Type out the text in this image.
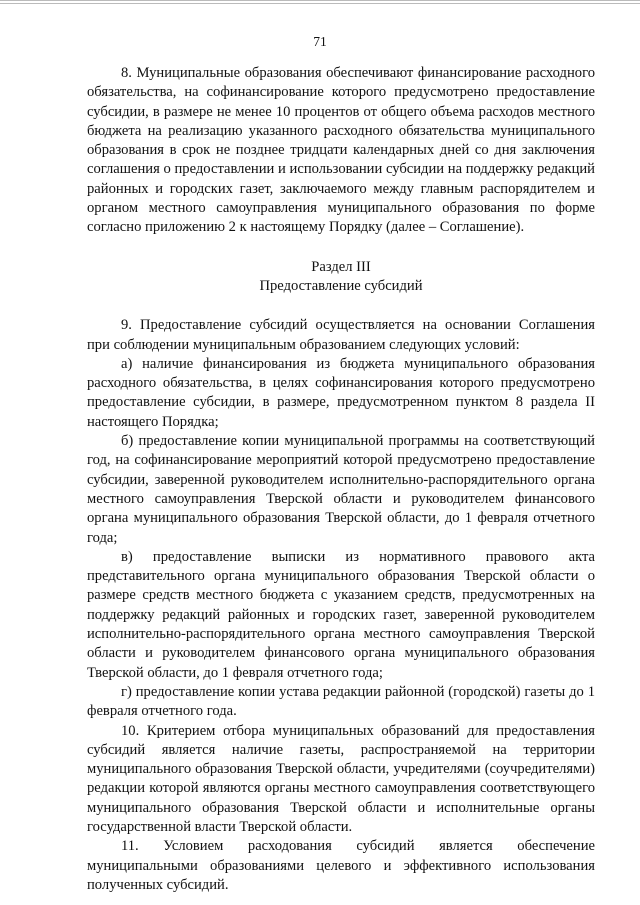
71

8. Муниципальные образования обеспечивают финансирование расходного обязательства, на софинансирование которого предусмотрено предоставление субсидии, в размере не менее 10 процентов от общего объема расходов местного бюджета на реализацию указанного расходного обязательства муниципального образования в срок не позднее тридцати календарных дней со дня заключения соглашения о предоставлении и использовании субсидии на поддержку редакций районных и городских газет, заключаемого между главным распорядителем и органом местного самоуправления муниципального образования по форме согласно приложению 2 к настоящему Порядку (далее – Соглашение).

Раздел III
Предоставление субсидий

9. Предоставление субсидий осуществляется на основании Соглашения при соблюдении муниципальным образованием следующих условий:

а) наличие финансирования из бюджета муниципального образования расходного обязательства, в целях софинансирования которого предусмотрено предоставление субсидии, в размере, предусмотренном пунктом 8 раздела II настоящего Порядка;

б) предоставление копии муниципальной программы на соответствующий год, на софинансирование мероприятий которой предусмотрено предоставление субсидии, заверенной руководителем исполнительно-распорядительного органа местного самоуправления Тверской области и руководителем финансового органа муниципального образования Тверской области, до 1 февраля отчетного года;

в) предоставление выписки из нормативного правового акта представительного органа муниципального образования Тверской области о размере средств местного бюджета с указанием средств, предусмотренных на поддержку редакций районных и городских газет, заверенной руководителем исполнительно-распорядительного органа местного самоуправления Тверской области и руководителем финансового органа муниципального образования Тверской области, до 1 февраля отчетного года;

г) предоставление копии устава редакции районной (городской) газеты до 1 февраля отчетного года.

10. Критерием отбора муниципальных образований для предоставления субсидий является наличие газеты, распространяемой на территории муниципального образования Тверской области, учредителями (соучредителями) редакции которой являются органы местного самоуправления соответствующего муниципального образования Тверской области и исполнительные органы государственной власти Тверской области.

11. Условием расходования субсидий является обеспечение муниципальными образованиями целевого и эффективного использования полученных субсидий.
